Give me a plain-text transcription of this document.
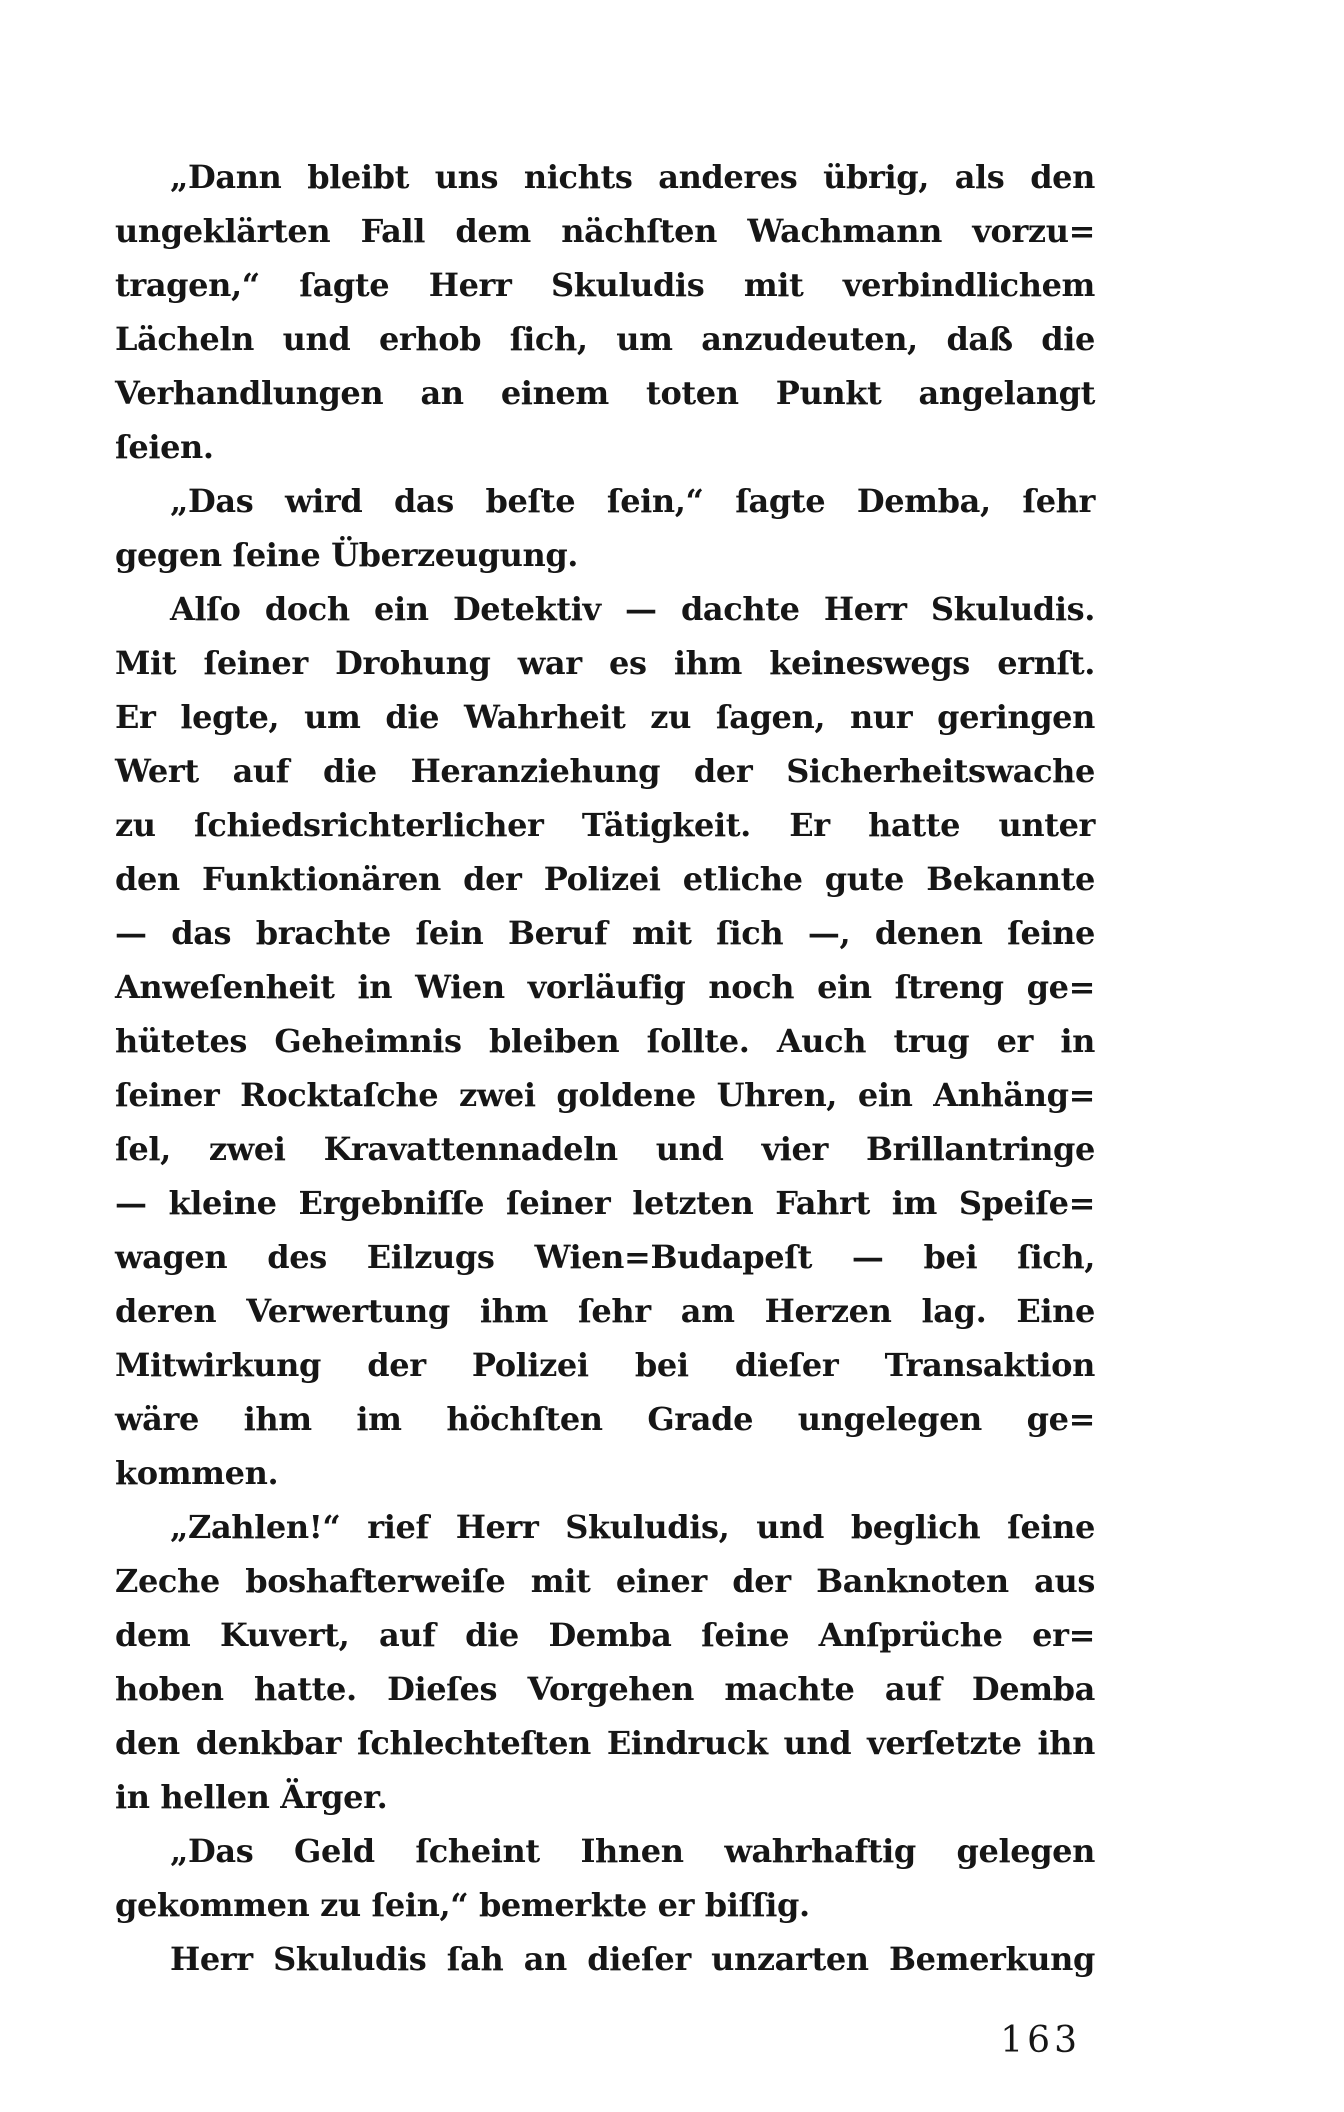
„Dann bleibt uns nichts anderes übrig, als den
ungeklärten Fall dem nächſten Wachmann vorzu=
tragen,“ ſagte Herr Skuludis mit verbindlichem
Lächeln und erhob ſich, um anzudeuten, daß die
Verhandlungen an einem toten Punkt angelangt
ſeien.
„Das wird das beſte ſein,“ ſagte Demba, ſehr
gegen ſeine Überzeugung.
Alſo doch ein Detektiv — dachte Herr Skuludis.
Mit ſeiner Drohung war es ihm keineswegs ernſt.
Er legte, um die Wahrheit zu ſagen, nur geringen
Wert auf die Heranziehung der Sicherheitswache
zu ſchiedsrichterlicher Tätigkeit. Er hatte unter
den Funktionären der Polizei etliche gute Bekannte
— das brachte ſein Beruf mit ſich —, denen ſeine
Anweſenheit in Wien vorläufig noch ein ſtreng ge=
hütetes Geheimnis bleiben ſollte. Auch trug er in
ſeiner Rocktaſche zwei goldene Uhren, ein Anhäng=
ſel, zwei Kravattennadeln und vier Brillantringe
— kleine Ergebniſſe ſeiner letzten Fahrt im Speiſe=
wagen des Eilzugs Wien=Budapeſt — bei ſich,
deren Verwertung ihm ſehr am Herzen lag. Eine
Mitwirkung der Polizei bei dieſer Transaktion
wäre ihm im höchſten Grade ungelegen ge=
kommen.
„Zahlen!“ rief Herr Skuludis, und beglich ſeine
Zeche boshafterweiſe mit einer der Banknoten aus
dem Kuvert, auf die Demba ſeine Anſprüche er=
hoben hatte. Dieſes Vorgehen machte auf Demba
den denkbar ſchlechteſten Eindruck und verſetzte ihn
in hellen Ärger.
„Das Geld ſcheint Ihnen wahrhaftig gelegen
gekommen zu ſein,“ bemerkte er biſſig.
Herr Skuludis ſah an dieſer unzarten Bemerkung
163
